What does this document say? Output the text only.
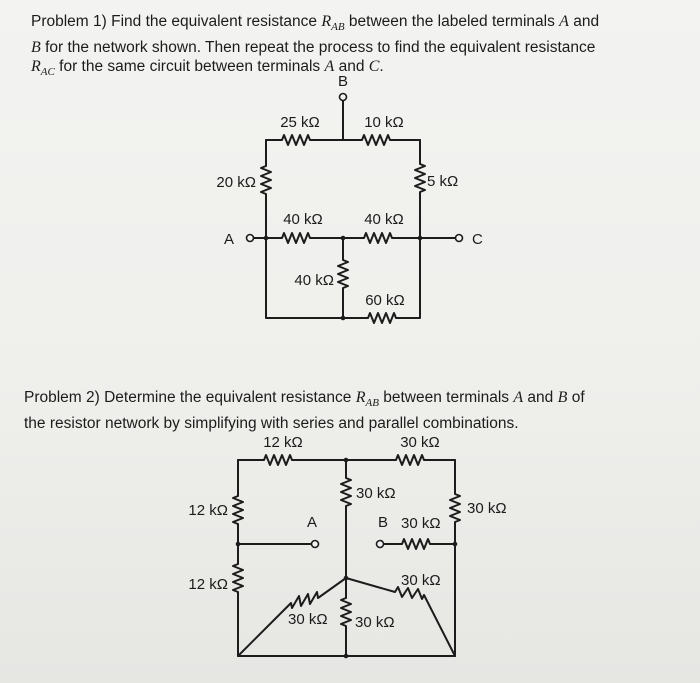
Problem 1) Find the equivalent resistance $R_{AB}$ between the labeled terminals A and
B for the network shown. Then repeat the process to find the equivalent resistance
$R_{AC}$ for the same circuit between terminals A and C.
Problem 2) Determine the equivalent resistance $R_{AB}$ between terminals A and B of
the resistor network by simplifying with series and parallel combinations.
B
A	C
25 kΩ	10 kΩ
20 kΩ	5 kΩ
40 kΩ	40 kΩ
40 kΩ
60 kΩ
12 kΩ	30 kΩ
12 kΩ
12 kΩ
30 kΩ
30 kΩ
B 30 kΩ
A
30 kΩ
30 kΩ 30 kΩ
